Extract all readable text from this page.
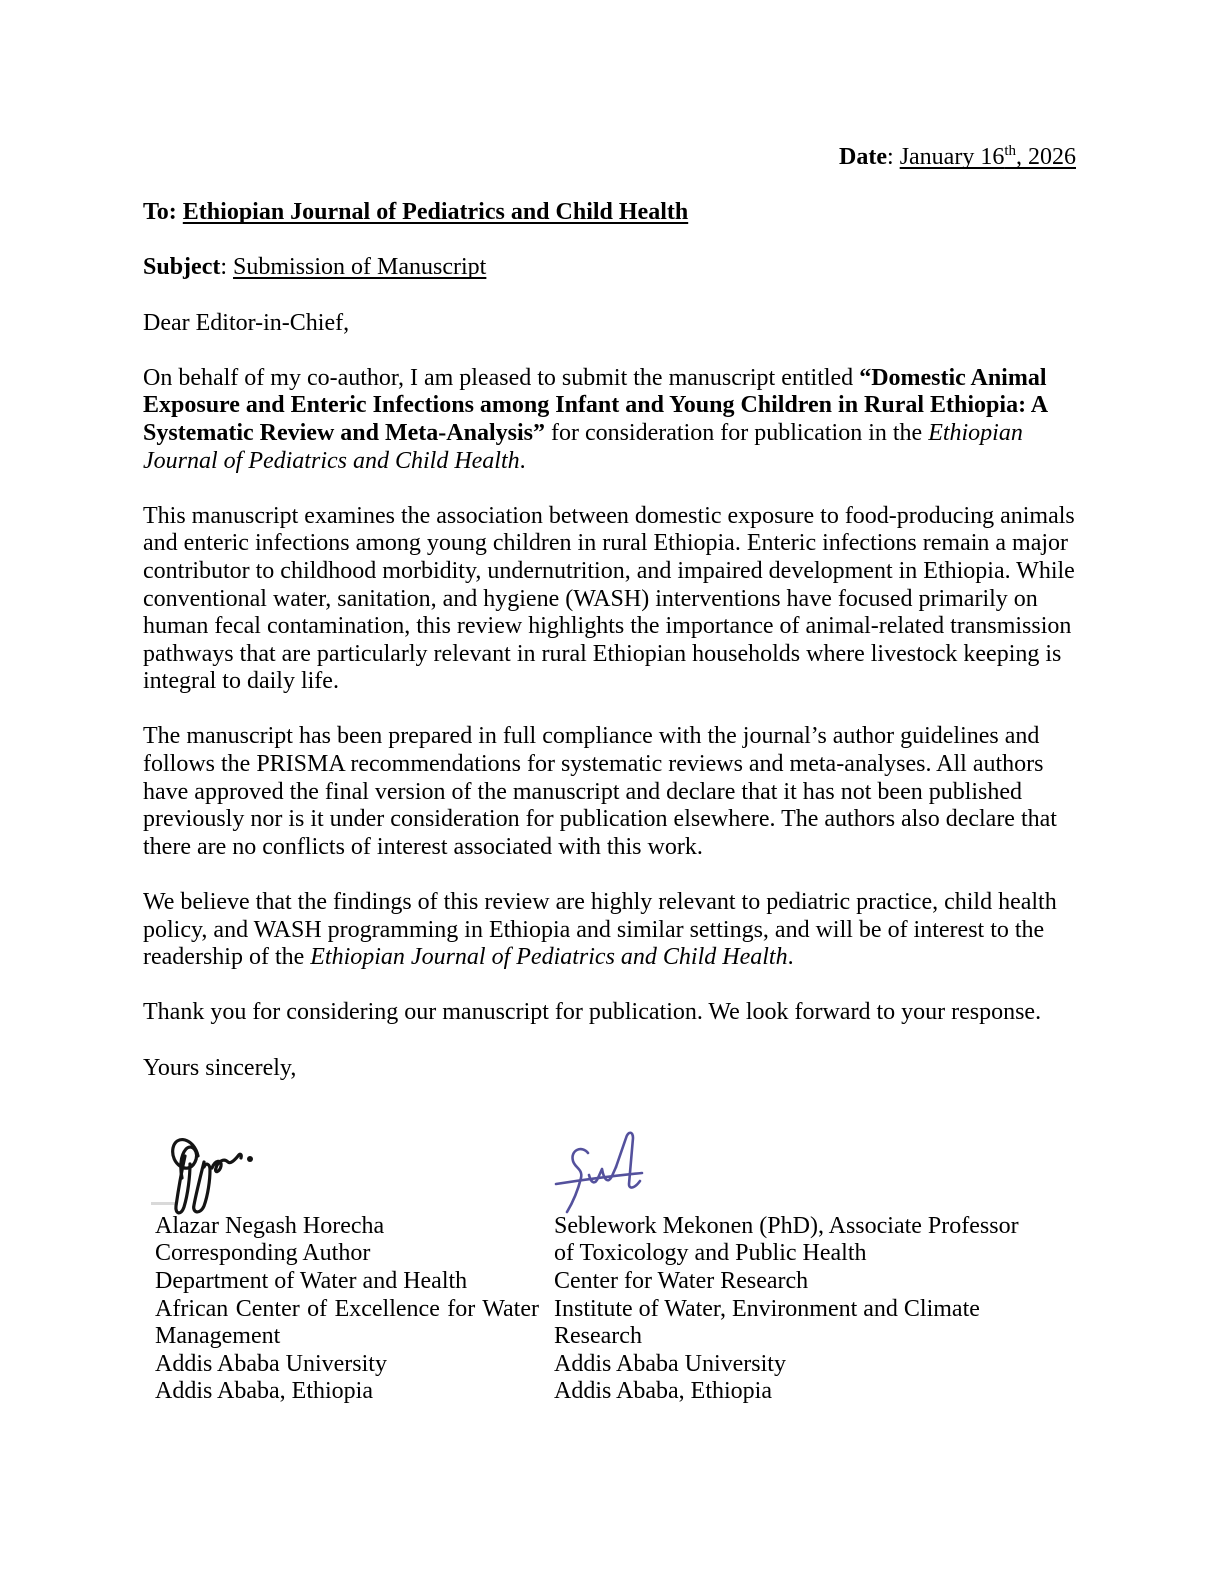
Date: January 16th, 2026
To: Ethiopian Journal of Pediatrics and Child Health
Subject: Submission of Manuscript

Dear Editor-in-Chief,

On behalf of my co-author, I am pleased to submit the manuscript entitled “Domestic Animal Exposure and Enteric Infections among Infant and Young Children in Rural Ethiopia: A Systematic Review and Meta-Analysis” for consideration for publication in the Ethiopian Journal of Pediatrics and Child Health.

This manuscript examines the association between domestic exposure to food-producing animals and enteric infections among young children in rural Ethiopia. Enteric infections remain a major contributor to childhood morbidity, undernutrition, and impaired development in Ethiopia. While conventional water, sanitation, and hygiene (WASH) interventions have focused primarily on human fecal contamination, this review highlights the importance of animal-related transmission pathways that are particularly relevant in rural Ethiopian households where livestock keeping is integral to daily life.

The manuscript has been prepared in full compliance with the journal’s author guidelines and follows the PRISMA recommendations for systematic reviews and meta-analyses. All authors have approved the final version of the manuscript and declare that it has not been published previously nor is it under consideration for publication elsewhere. The authors also declare that there are no conflicts of interest associated with this work.

We believe that the findings of this review are highly relevant to pediatric practice, child health policy, and WASH programming in Ethiopia and similar settings, and will be of interest to the readership of the Ethiopian Journal of Pediatrics and Child Health.

Thank you for considering our manuscript for publication. We look forward to your response.

Yours sincerely,

Alazar Negash Horecha
Corresponding Author
Department of Water and Health
African Center of Excellence for Water
Management
Addis Ababa University
Addis Ababa, Ethiopia
Seblework Mekonen (PhD), Associate Professor
of Toxicology and Public Health
Center for Water Research
Institute of Water, Environment and Climate
Research
Addis Ababa University
Addis Ababa, Ethiopia
